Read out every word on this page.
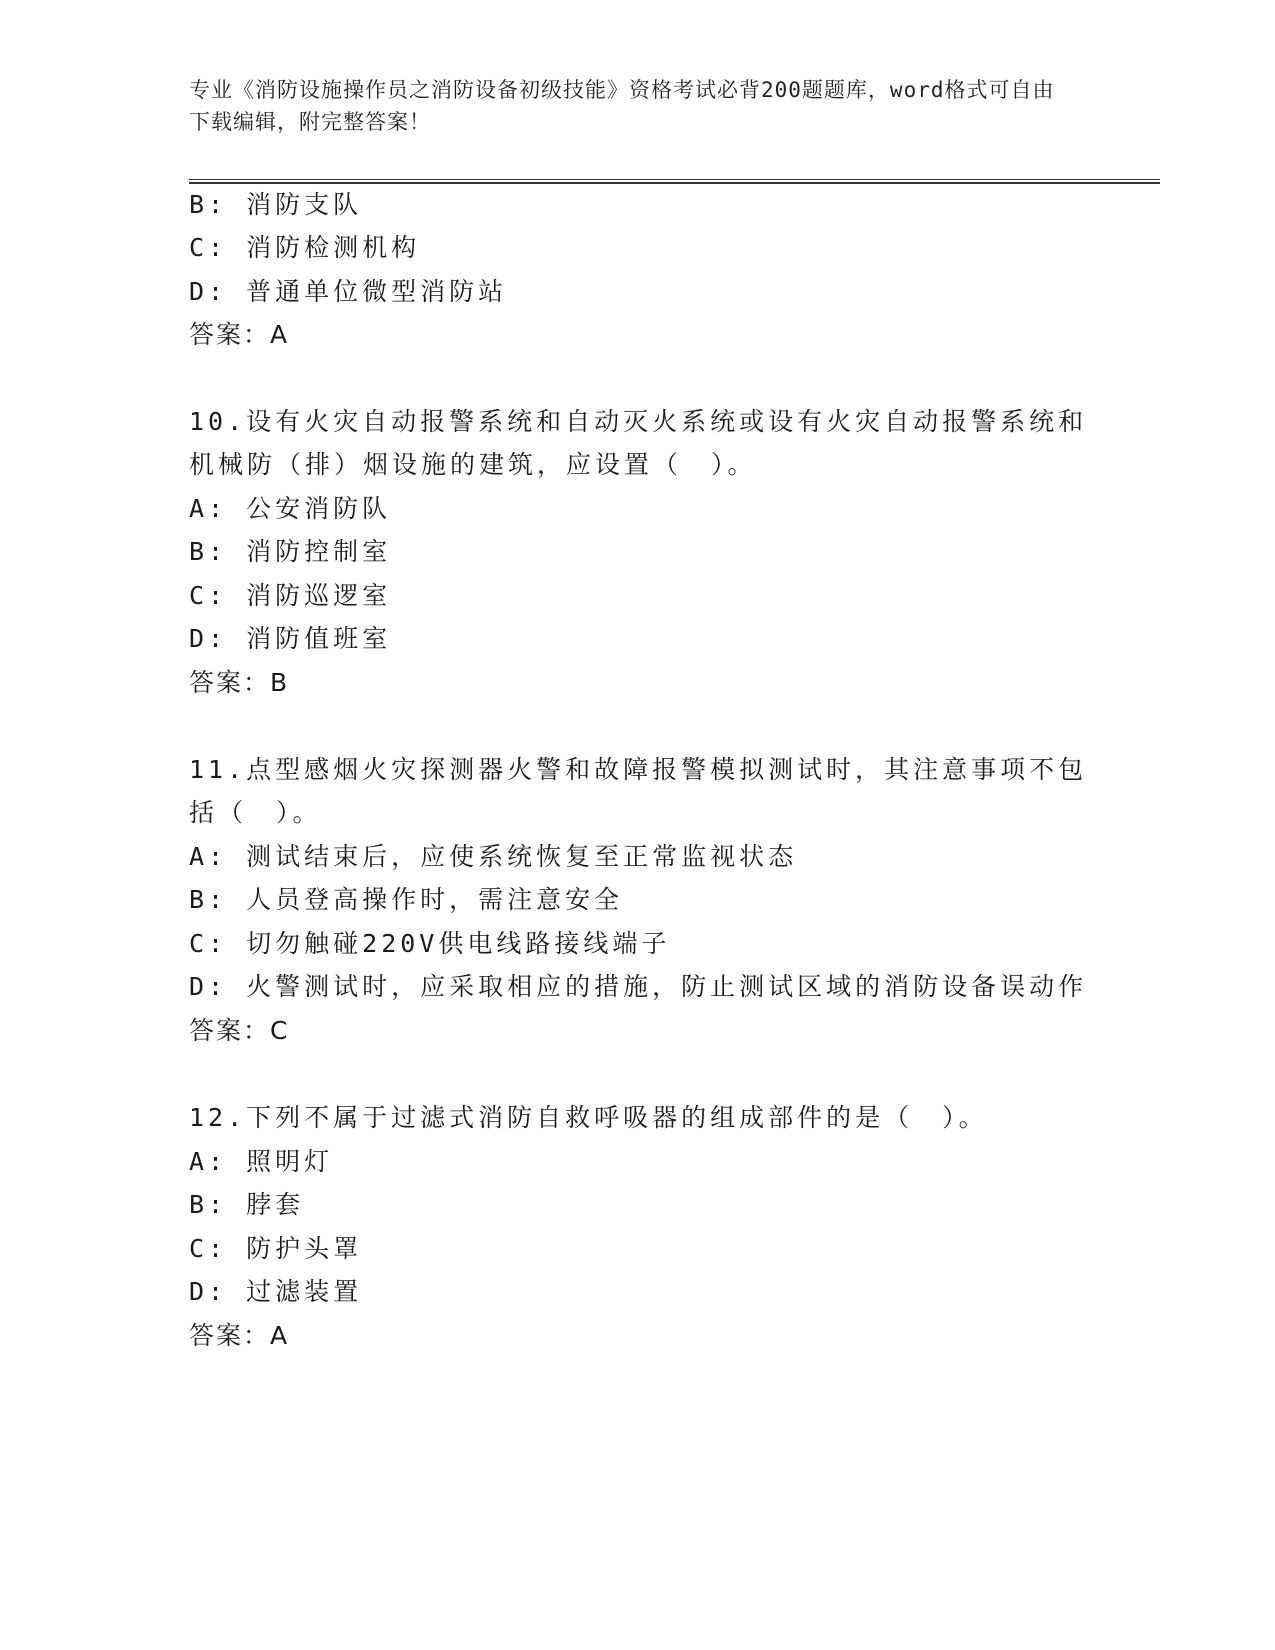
专业《消防设施操作员之消防设备初级技能》资格考试必背200题题库，word格式可自由下载编辑，附完整答案！
B: 消防支队
C: 消防检测机构
D: 普通单位微型消防站
答案：A
10.设有火灾自动报警系统和自动灭火系统或设有火灾自动报警系统和
机械防（排）烟设施的建筑，应设置（　）。
A: 公安消防队
B: 消防控制室
C: 消防巡逻室
D: 消防值班室
答案：B
11.点型感烟火灾探测器火警和故障报警模拟测试时，其注意事项不包
括（　）。
A: 测试结束后，应使系统恢复至正常监视状态
B: 人员登高操作时，需注意安全
C: 切勿触碰220V供电线路接线端子
D: 火警测试时，应采取相应的措施，防止测试区域的消防设备误动作
答案：C
12.下列不属于过滤式消防自救呼吸器的组成部件的是（　）。
A: 照明灯
B: 脖套
C: 防护头罩
D: 过滤装置
答案：A
